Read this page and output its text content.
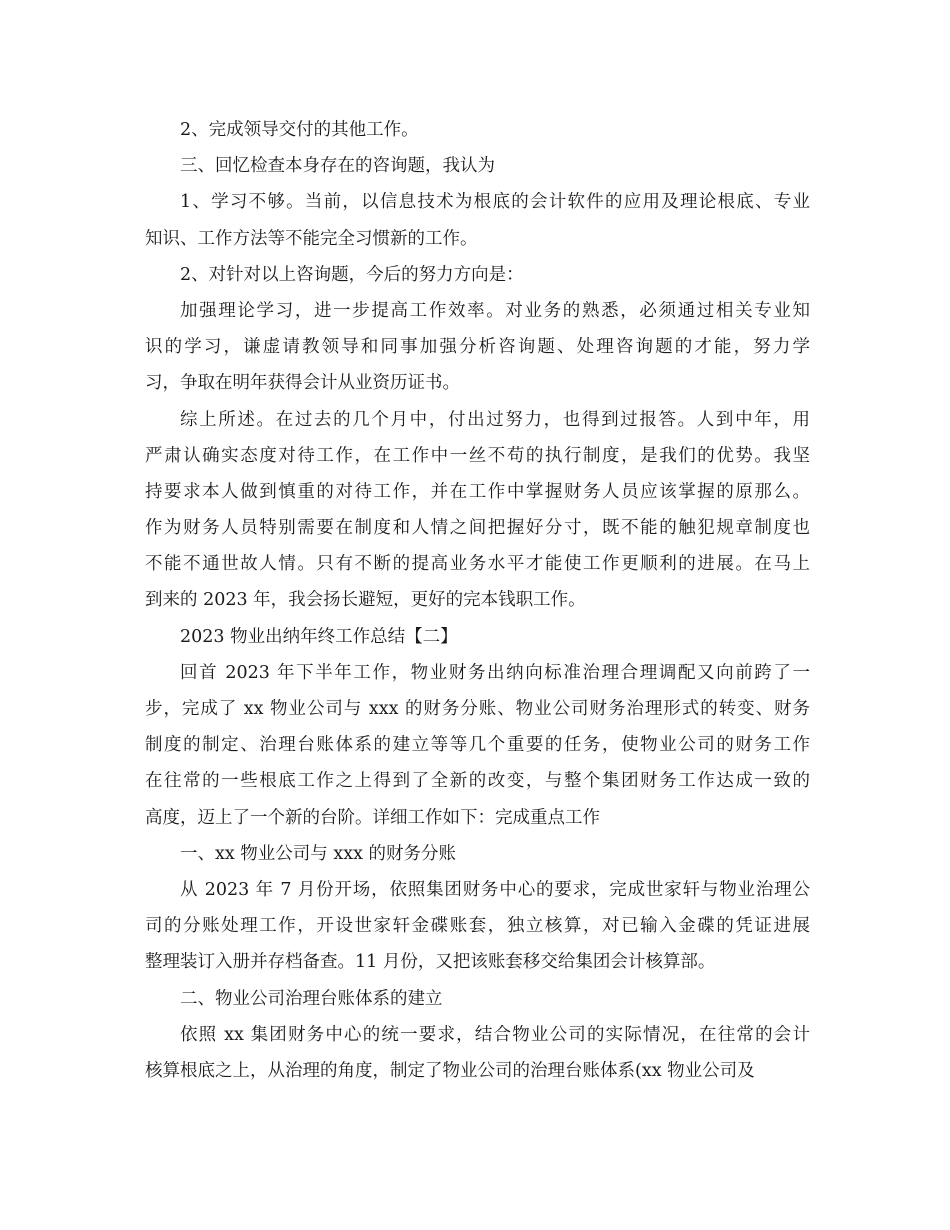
2、完成领导交付的其他工作。
三、回忆检查本身存在的咨询题，我认为
1、学习不够。当前，以信息技术为根底的会计软件的应用及理论根底、专业
知识、工作方法等不能完全习惯新的工作。
2、对针对以上咨询题，今后的努力方向是：
加强理论学习，进一步提高工作效率。对业务的熟悉，必须通过相关专业知
识的学习，谦虚请教领导和同事加强分析咨询题、处理咨询题的才能，努力学
习，争取在明年获得会计从业资历证书。
综上所述。在过去的几个月中，付出过努力，也得到过报答。人到中年，用
严肃认确实态度对待工作，在工作中一丝不苟的执行制度，是我们的优势。我坚
持要求本人做到慎重的对待工作，并在工作中掌握财务人员应该掌握的原那么。
作为财务人员特别需要在制度和人情之间把握好分寸，既不能的触犯规章制度也
不能不通世故人情。只有不断的提高业务水平才能使工作更顺利的进展。在马上
到来的 2023 年，我会扬长避短，更好的完本钱职工作。
2023 物业出纳年终工作总结【二】
回首 2023 年下半年工作，物业财务出纳向标准治理合理调配又向前跨了一
步，完成了 xx 物业公司与 xxx 的财务分账、物业公司财务治理形式的转变、财务
制度的制定、治理台账体系的建立等等几个重要的任务，使物业公司的财务工作
在往常的一些根底工作之上得到了全新的改变，与整个集团财务工作达成一致的
高度，迈上了一个新的台阶。详细工作如下：完成重点工作
一、xx 物业公司与 xxx 的财务分账
从 2023 年 7 月份开场，依照集团财务中心的要求，完成世家轩与物业治理公
司的分账处理工作，开设世家轩金碟账套，独立核算，对已输入金碟的凭证进展
整理装订入册并存档备查。11 月份，又把该账套移交给集团会计核算部。
二、物业公司治理台账体系的建立
依照 xx 集团财务中心的统一要求，结合物业公司的实际情况，在往常的会计
核算根底之上，从治理的角度，制定了物业公司的治理台账体系(xx 物业公司及
